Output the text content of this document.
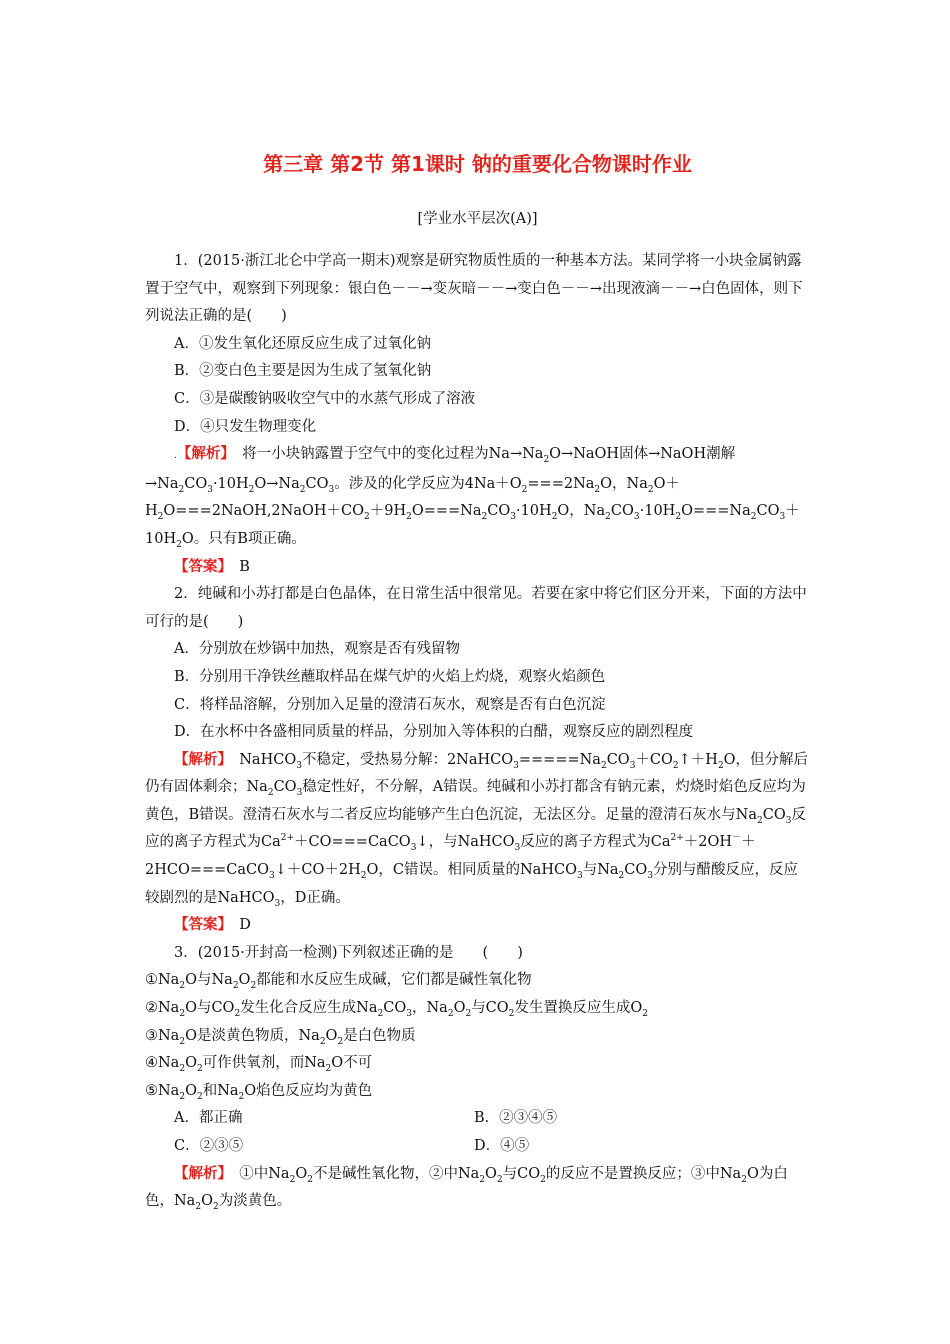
第三章 第2节 第1课时 钠的重要化合物课时作业
[学业水平层次(A)]

1．(2015·浙江北仑中学高一期末)观察是研究物质性质的一种基本方法。某同学将一小块金属钠露置于空气中，观察到下列现象：银白色－－→变灰暗－－→变白色－－→出现液滴－－→白色固体，则下列说法正确的是(　　)

A．①发生氧化还原反应生成了过氧化钠

B．②变白色主要是因为生成了氢氧化钠

C．③是碳酸钠吸收空气中的水蒸气形成了溶液

D．④只发生物理变化

.【解析】　将一小块钠露置于空气中的变化过程为$Na\to Na_2O\to NaOH$固体→NaOH潮解$\to Na_2CO_3\cdot 10H_2O\to Na_2CO_3$。涉及的化学反应为$4Na+O_2===2Na_2O$，$Na_2O+H_2O===2NaOH,2NaOH+CO_2+9H_2O===Na_2CO_3\cdot 10H_2O$，$Na_2CO_3\cdot 10H_2O===Na_2CO_3+10H_2O$。只有B项正确。

【答案】　 B

2．纯碱和小苏打都是白色晶体，在日常生活中很常见。若要在家中将它们区分开来，下面的方法中可行的是(　　)

A．分别放在炒锅中加热，观察是否有残留物

B．分别用干净铁丝蘸取样品在煤气炉的火焰上灼烧，观察火焰颜色

C．将样品溶解，分别加入足量的澄清石灰水，观察是否有白色沉淀

D．在水杯中各盛相同质量的样品，分别加入等体积的白醋，观察反应的剧烈程度

【解析】　NaHCO$_3$不稳定，受热易分解：$2NaHCO_3=====Na_2CO_3+CO_2↑+H_2O$，但分解后仍有固体剩余；$Na_2CO_3$稳定性好，不分解，A错误。纯碱和小苏打都含有钠元素，灼烧时焰色反应均为黄色，B错误。澄清石灰水与二者反应均能够产生白色沉淀，无法区分。足量的澄清石灰水与$Na_2CO_3$反应的离子方程式为$Ca^{2+}+CO===CaCO_3↓$，与NaHCO$_3$反应的离子方程式为$Ca^{2+}+2OH^-+2HCO===CaCO_3↓+CO+2H_2O$，C错误。相同质量的NaHCO$_3$与$Na_2CO_3$分别与醋酸反应，反应较剧烈的是NaHCO$_3$，D正确。

【答案】　 D

3．(2015·开封高一检测)下列叙述正确的是　　(　　)

$①Na_2O$与$Na_2O_2$都能和水反应生成碱，它们都是碱性氧化物

$②Na_2O$与$CO_2$发生化合反应生成$Na_2CO_3$，$Na_2O_2$与$CO_2$发生置换反应生成$O_2$

$③Na_2O$是淡黄色物质，$Na_2O_2$是白色物质

$④Na_2O_2$可作供氧剂，而$Na_2O$不可

$⑤Na_2O_2$和$Na_2O$焰色反应均为黄色

A．都正确	B．②③④⑤
C．②③⑤	D．④⑤

【解析】　①中$Na_2O_2$不是碱性氧化物，②中$Na_2O_2$与$CO_2$的反应不是置换反应；③中$Na_2O$为白色，$Na_2O_2$为淡黄色。
